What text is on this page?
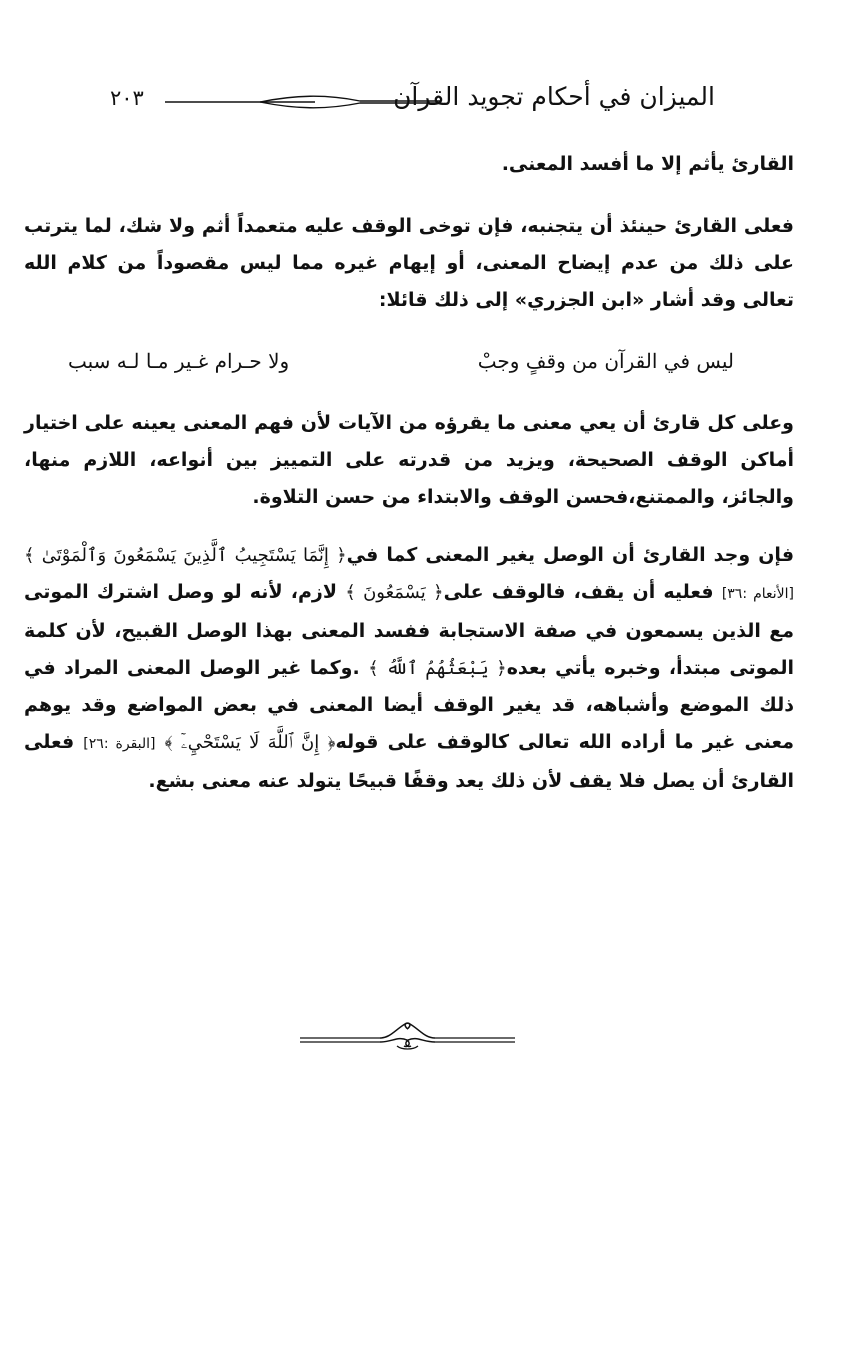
الميزان في أحكام تجويد القرآن
٢٠٣

القارئ يأثم إلا ما أفسد المعنى.

فعلى القارئ حينئذ أن يتجنبه، فإن توخى الوقف عليه متعمداً أثم ولا شك، لما يترتب على ذلك من عدم إيضاح المعنى، أو إيهام غيره مما ليس مقصوداً من كلام الله تعالى وقد أشار «ابن الجزري» إلى ذلك قائلا:

ليس في القرآن من وقفٍ وجبْ
ولا حـرام غـير مـا لـه سبب

وعلى كل قارئ أن يعي معنى ما يقرؤه من الآيات لأن فهم المعنى يعينه على اختيار أماكن الوقف الصحيحة، ويزيد من قدرته على التمييز بين أنواعه، اللازم منها، والجائز، والممتنع،فحسن الوقف والابتداء من حسن التلاوة.

فإن وجد القارئ أن الوصل يغير المعنى كما في﴿ إِنَّمَا يَسْتَجِيبُ ٱلَّذِينَ يَسْمَعُونَ وَٱلْمَوْتَىٰ ﴾ [الأنعام :٣٦] فعليه أن يقف، فالوقف على﴿ يَسْمَعُونَ ﴾ لازم، لأنه لو وصل اشترك الموتى مع الذين يسمعون في صفة الاستجابة ففسد المعنى بهذا الوصل القبيح، لأن كلمة الموتى مبتدأ، وخبره يأتي بعده﴿ يَبْعَثُهُمُ ٱللَّهُ ﴾ .وكما غير الوصل المعنى المراد في ذلك الموضع وأشباهه، قد يغير الوقف أيضا المعنى في بعض المواضع وقد يوهم معنى غير ما أراده الله تعالى كالوقف على قوله﴿ إِنَّ ٱللَّهَ لَا يَسْتَحْيِۦٓ ﴾ [البقرة :٢٦] فعلى القارئ أن يصل فلا يقف لأن ذلك يعد وقفًا قبيحًا يتولد عنه معنى بشع.
